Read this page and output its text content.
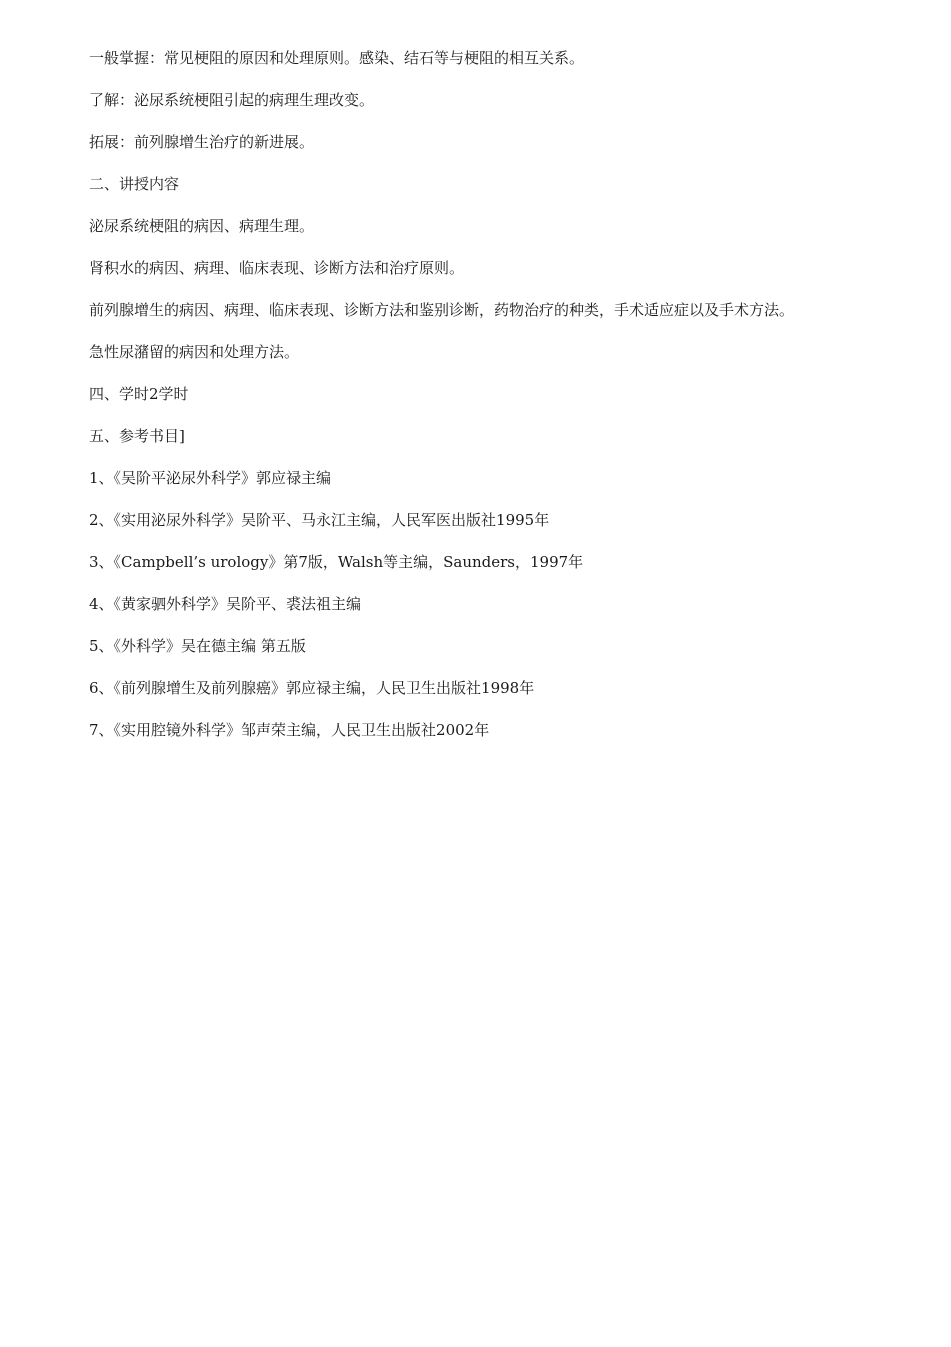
一般掌握：常见梗阻的原因和处理原则。感染、结石等与梗阻的相互关系。

了解：泌尿系统梗阻引起的病理生理改变。

拓展：前列腺增生治疗的新进展。

二、讲授内容

泌尿系统梗阻的病因、病理生理。

肾积水的病因、病理、临床表现、诊断方法和治疗原则。

前列腺增生的病因、病理、临床表现、诊断方法和鉴别诊断，药物治疗的种类，手术适应症以及手术方法。

急性尿潴留的病因和处理方法。

四、学时2学时

五、参考书目]

1、《吴阶平泌尿外科学》郭应禄主编

2、《实用泌尿外科学》吴阶平、马永江主编，人民军医出版社1995年

3、《Campbell’s urology》第7版，Walsh等主编，Saunders，1997年

4、《黄家驷外科学》吴阶平、裘法祖主编

5、《外科学》吴在德主编 第五版

6、《前列腺增生及前列腺癌》郭应禄主编，人民卫生出版社1998年

7、《实用腔镜外科学》邹声荣主编，人民卫生出版社2002年
